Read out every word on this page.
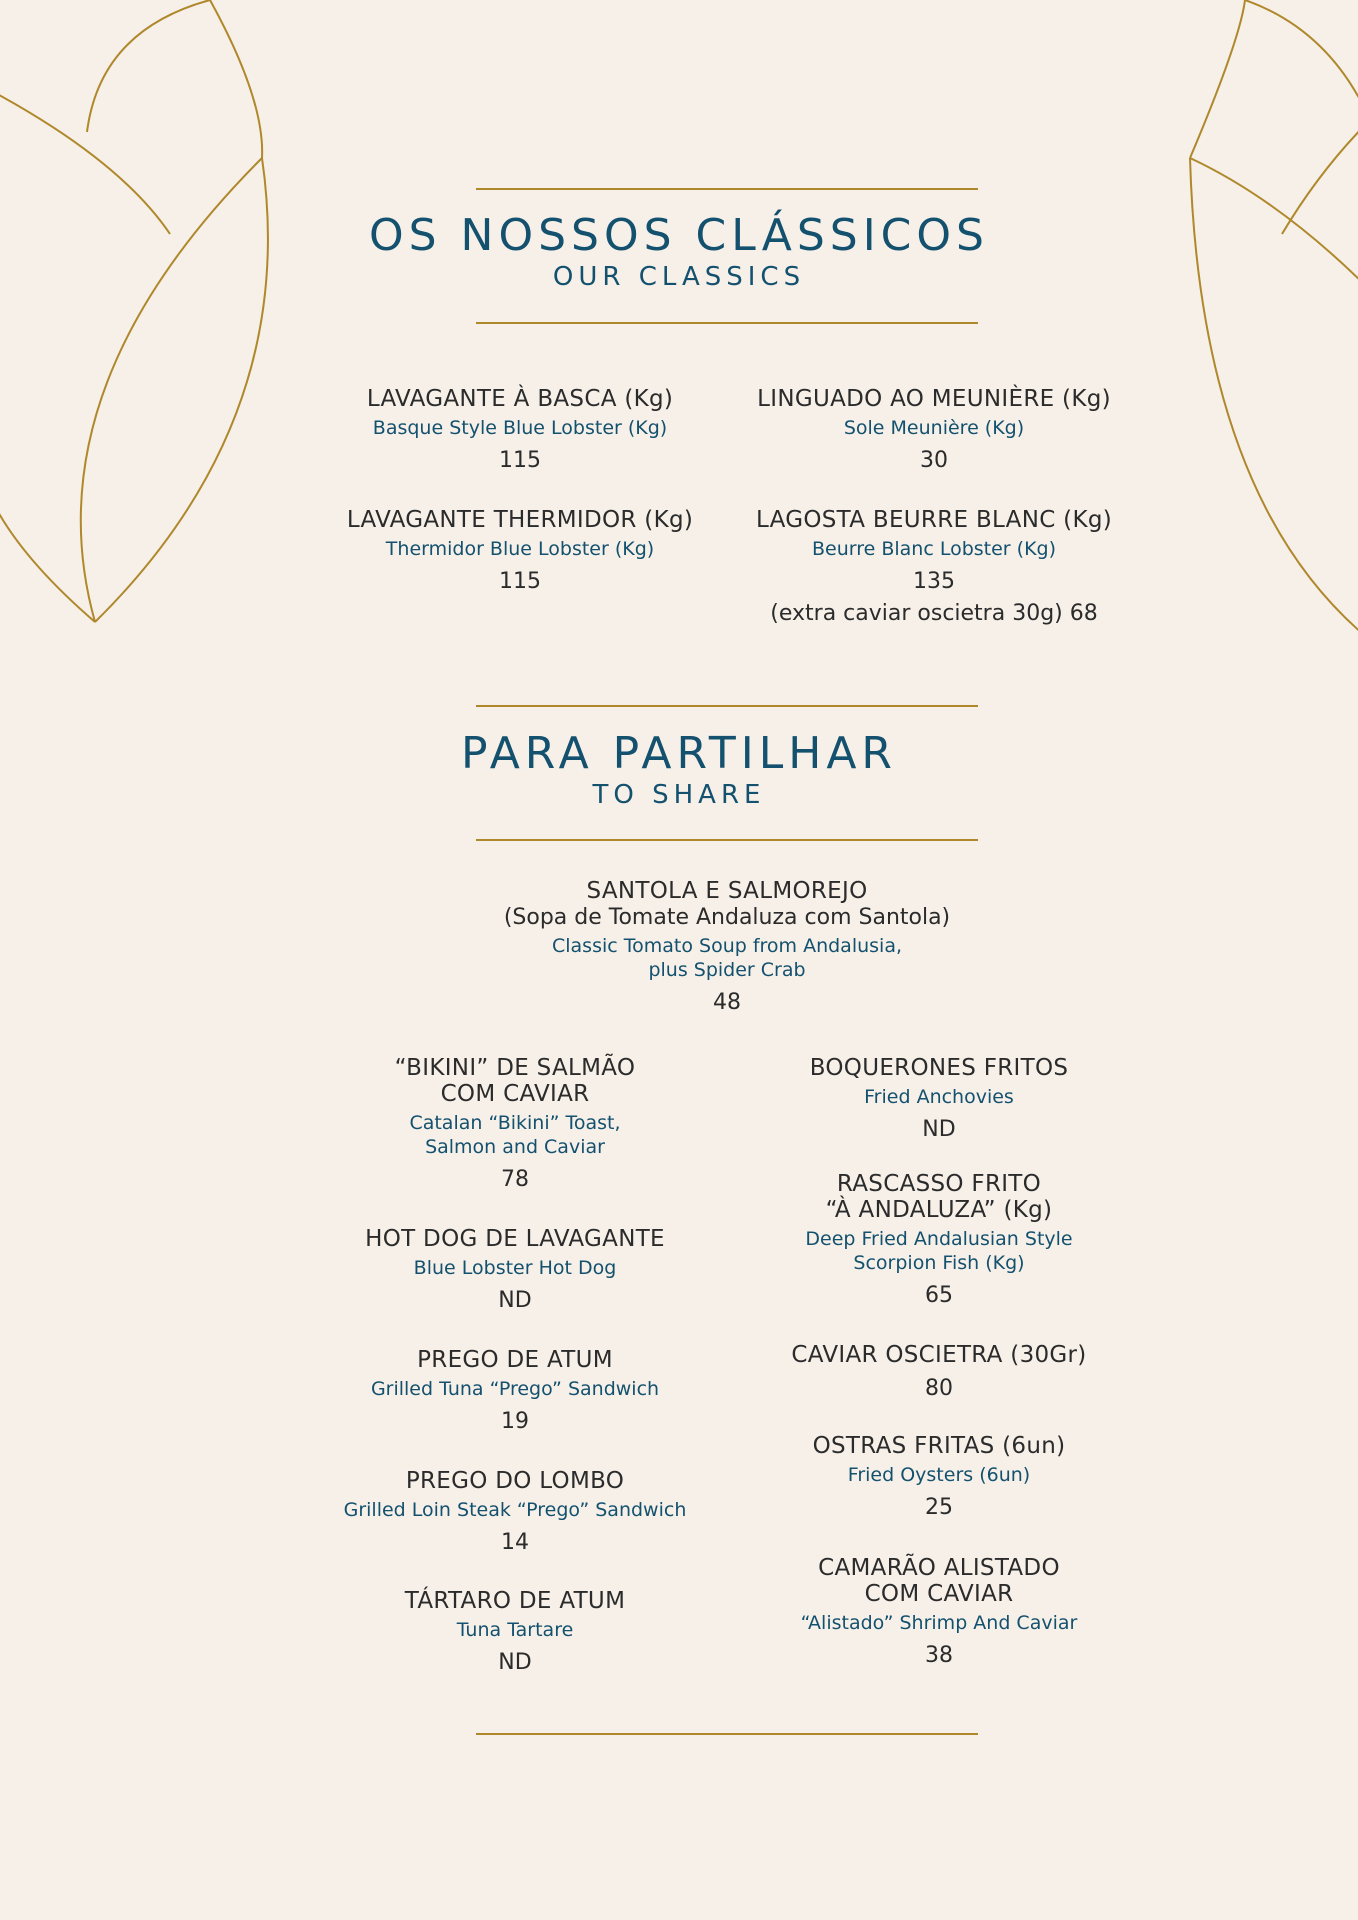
OS NOSSOS CLÁSSICOS
OUR CLASSICS
LAVAGANTE À BASCA (Kg)
Basque Style Blue Lobster (Kg)
115
LINGUADO AO MEUNIÈRE (Kg)
Sole Meunière (Kg)
30
LAVAGANTE THERMIDOR (Kg)
Thermidor Blue Lobster (Kg)
115
LAGOSTA BEURRE BLANC (Kg)
Beurre Blanc Lobster (Kg)
135
(extra caviar oscietra 30g) 68
PARA PARTILHAR
TO SHARE
SANTOLA E SALMOREJO
(Sopa de Tomate Andaluza com Santola)
Classic Tomato Soup from Andalusia,
plus Spider Crab
48
“BIKINI” DE SALMÃO
COM CAVIAR
Catalan “Bikini” Toast,
Salmon and Caviar
78
HOT DOG DE LAVAGANTE
Blue Lobster Hot Dog
ND
PREGO DE ATUM
Grilled Tuna “Prego” Sandwich
19
PREGO DO LOMBO
Grilled Loin Steak “Prego” Sandwich
14
TÁRTARO DE ATUM
Tuna Tartare
ND
BOQUERONES FRITOS
Fried Anchovies
ND
RASCASSO FRITO
“À ANDALUZA” (Kg)
Deep Fried Andalusian Style
Scorpion Fish (Kg)
65
CAVIAR OSCIETRA (30Gr)
80
OSTRAS FRITAS (6un)
Fried Oysters (6un)
25
CAMARÃO ALISTADO
COM CAVIAR
“Alistado” Shrimp And Caviar
38
